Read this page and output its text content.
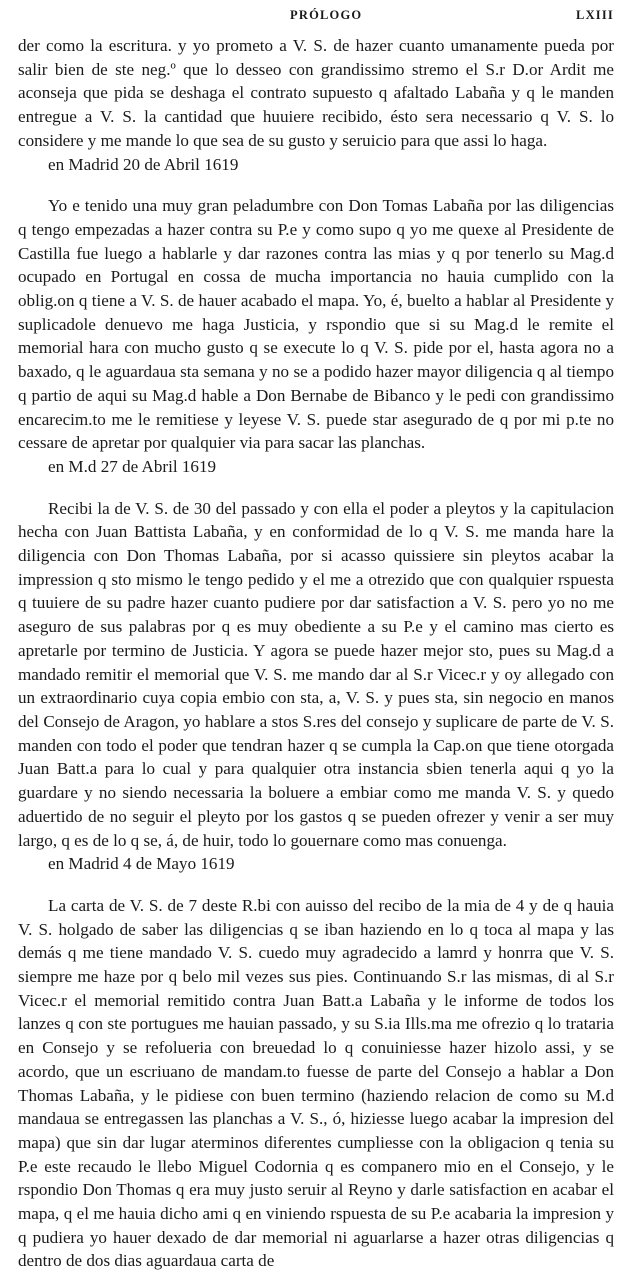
PRÓLOGO	LXIII

der como la escritura. y yo prometo a V. S. de hazer cuanto umanamente pueda por salir bien de ste neg.º que lo desseo con grandissimo stremo el S.r D.or Ardit me aconseja que pida se deshaga el contrato supuesto q afaltado Labaña y q le manden entregue a V. S. la cantidad que huuiere recibido, ésto sera necessario q V. S. lo considere y me mande lo que sea de su gusto y seruicio para que assi lo haga.

en Madrid 20 de Abril 1619

Yo e tenido una muy gran peladumbre con Don Tomas Labaña por las diligencias q tengo empezadas a hazer contra su P.e y como supo q yo me quexe al Presidente de Castilla fue luego a hablarle y dar razones contra las mias y q por tenerlo su Mag.d ocupado en Portugal en cossa de mucha importancia no hauia cumplido con la oblig.on q tiene a V. S. de hauer acabado el mapa. Yo, é, buelto a hablar al Presidente y suplicadole denuevo me haga Justicia, y rspondio que si su Mag.d le remite el memorial hara con mucho gusto q se execute lo q V. S. pide por el, hasta agora no a baxado, q le aguardaua sta semana y no se a podido hazer mayor diligencia q al tiempo q partio de aqui su Mag.d hable a Don Bernabe de Bibanco y le pedi con grandissimo encarecim.to me le remitiese y leyese V. S. puede star asegurado de q por mi p.te no cessare de apretar por qualquier via para sacar las planchas.

en M.d 27 de Abril 1619

Recibi la de V. S. de 30 del passado y con ella el poder a pleytos y la capitulacion hecha con Juan Battista Labaña, y en conformidad de lo q V. S. me manda hare la diligencia con Don Thomas Labaña, por si acasso quissiere sin pleytos acabar la impression q sto mismo le tengo pedido y el me a otrezido que con qualquier rspuesta q tuuiere de su padre hazer cuanto pudiere por dar satisfaction a V. S. pero yo no me aseguro de sus palabras por q es muy obediente a su P.e y el camino mas cierto es apretarle por termino de Justicia. Y agora se puede hazer mejor sto, pues su Mag.d a mandado remitir el memorial que V. S. me mando dar al S.r Vicec.r y oy allegado con un extraordinario cuya copia embio con sta, a, V. S. y pues sta, sin negocio en manos del Consejo de Aragon, yo hablare a stos S.res del consejo y suplicare de parte de V. S. manden con todo el poder que tendran hazer q se cumpla la Cap.on que tiene otorgada Juan Batt.a para lo cual y para qualquier otra instancia sbien tenerla aqui q yo la guardare y no siendo necessaria la boluere a embiar como me manda V. S. y quedo aduertido de no seguir el pleyto por los gastos q se pueden ofrezer y venir a ser muy largo, q es de lo q se, á, de huir, todo lo gouernare como mas conuenga.

en Madrid 4 de Mayo 1619

La carta de V. S. de 7 deste R.bi con auisso del recibo de la mia de 4 y de q hauia V. S. holgado de saber las diligencias q se iban haziendo en lo q toca al mapa y las demás q me tiene mandado V. S. cuedo muy agradecido a lamrd y honrra que V. S. siempre me haze por q belo mil vezes sus pies. Continuando S.r las mismas, di al S.r Vicec.r el memorial remitido contra Juan Batt.a Labaña y le informe de todos los lanzes q con ste portugues me hauian passado, y su S.ia Ills.ma me ofrezio q lo trataria en Consejo y se refolueria con breuedad lo q conuiniesse hazer hizolo assi, y se acordo, que un escriuano de mandam.to fuesse de parte del Consejo a hablar a Don Thomas Labaña, y le pidiese con buen termino (haziendo relacion de como su M.d mandaua se entregassen las planchas a V. S., ó, hiziesse luego acabar la impresion del mapa) que sin dar lugar aterminos diferentes cumpliesse con la obligacion q tenia su P.e este recaudo le llebo Miguel Codornia q es companero mio en el Consejo, y le rspondio Don Thomas q era muy justo seruir al Reyno y darle satisfaction en acabar el mapa, q el me hauia dicho ami q en viniendo rspuesta de su P.e acabaria la impresion y q pudiera yo hauer dexado de dar memorial ni aguarlarse a hazer otras diligencias q dentro de dos dias aguardaua carta de
